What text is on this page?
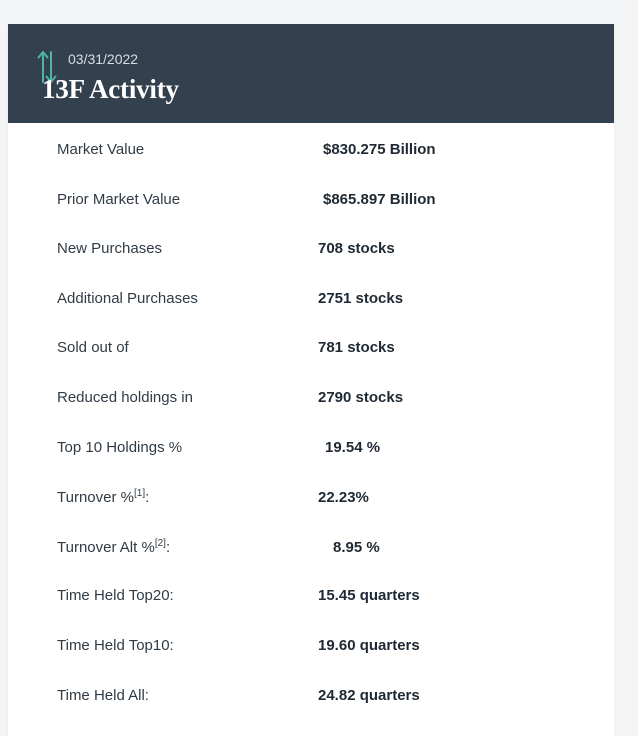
03/31/2022
13F Activity
Market Value	$830.275 Billion
Prior Market Value	$865.897 Billion
New Purchases	708 stocks
Additional Purchases	2751 stocks
Sold out of	781 stocks
Reduced holdings in	2790 stocks
Top 10 Holdings %	19.54 %
Turnover %[1]:	22.23%
Turnover Alt %[2]:	8.95 %
Time Held Top20:	15.45 quarters
Time Held Top10:	19.60 quarters
Time Held All:	24.82 quarters
